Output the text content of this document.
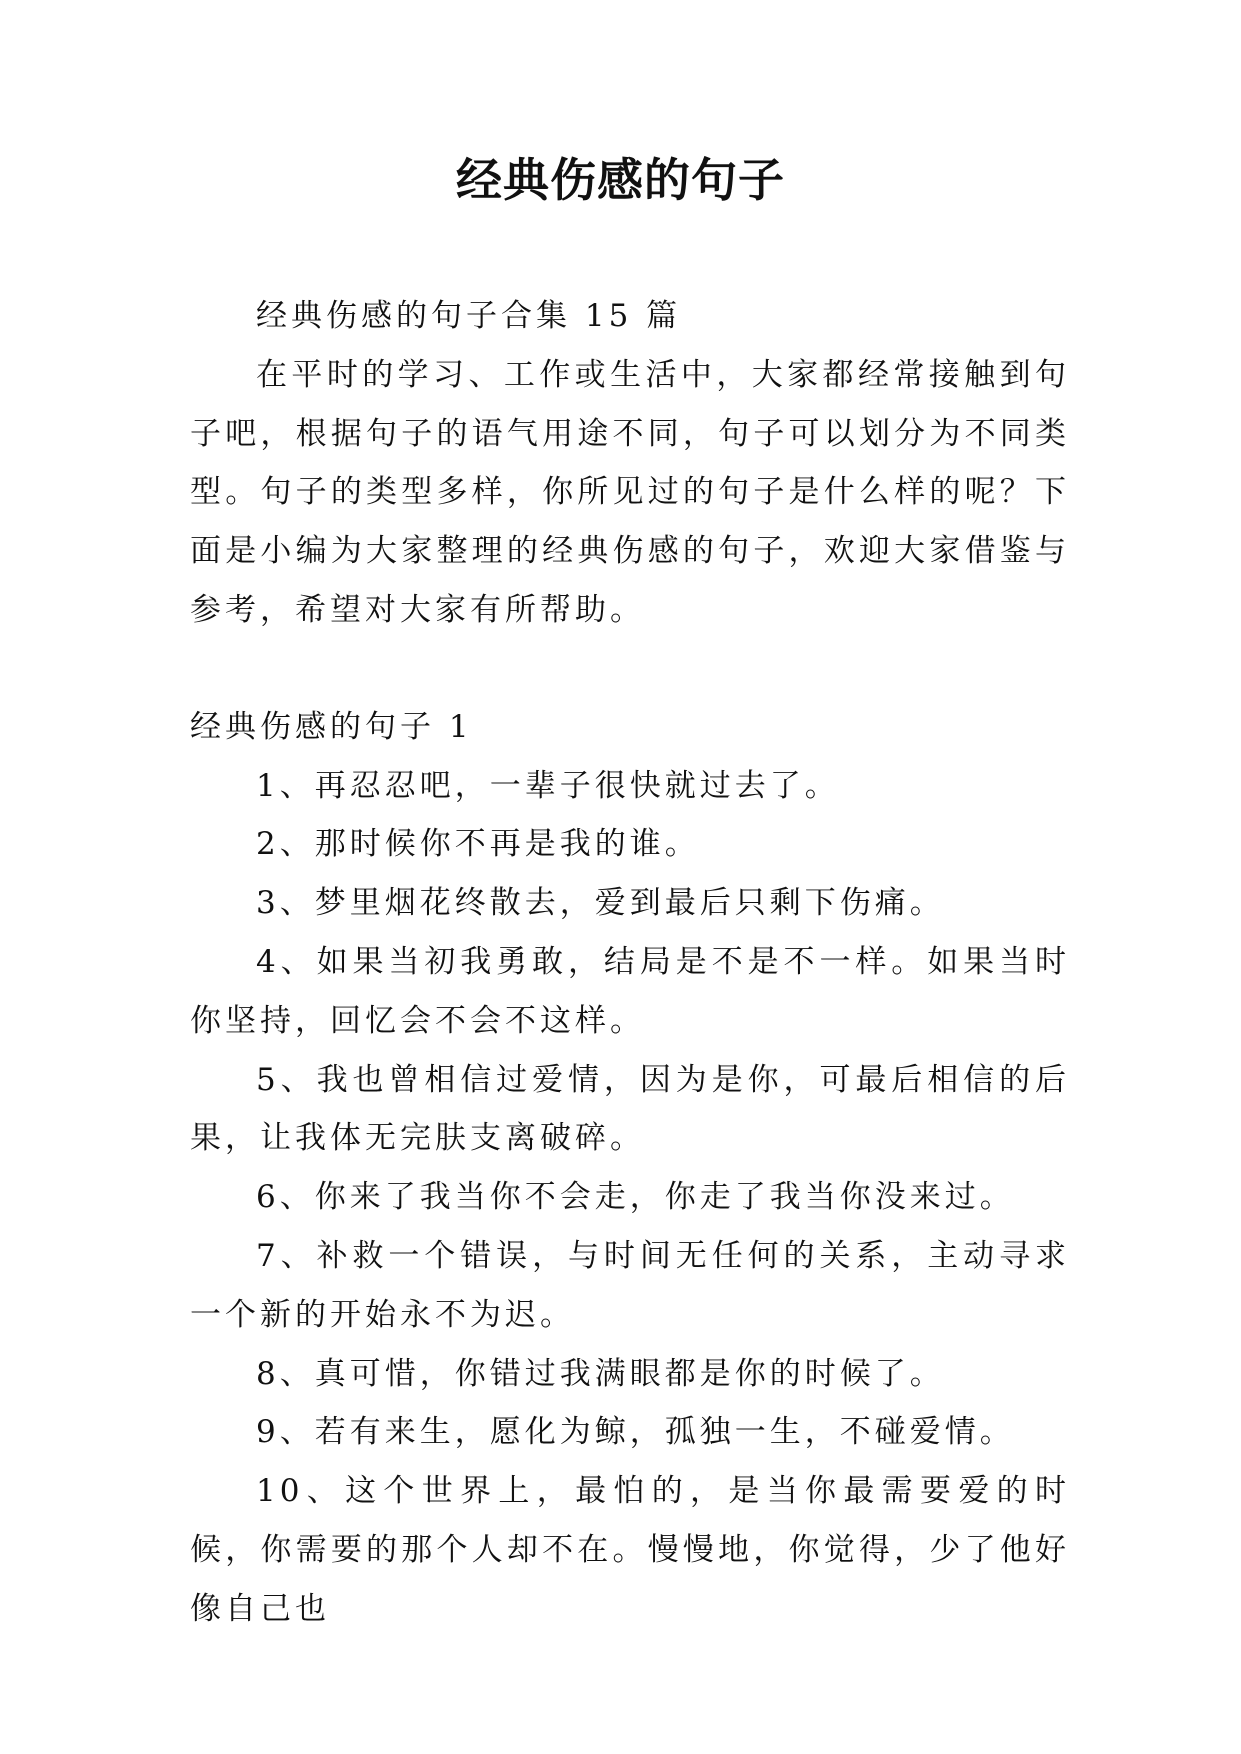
经典伤感的句子

经典伤感的句子合集 15 篇

在平时的学习、工作或生活中，大家都经常接触到句子吧，根据句子的语气用途不同，句子可以划分为不同类型。句子的类型多样，你所见过的句子是什么样的呢？下面是小编为大家整理的经典伤感的句子，欢迎大家借鉴与参考，希望对大家有所帮助。

经典伤感的句子 1

1、再忍忍吧，一辈子很快就过去了。

2、那时候你不再是我的谁。

3、梦里烟花终散去，爱到最后只剩下伤痛。

4、如果当初我勇敢，结局是不是不一样。如果当时你坚持，回忆会不会不这样。

5、我也曾相信过爱情，因为是你，可最后相信的后果，让我体无完肤支离破碎。

6、你来了我当你不会走，你走了我当你没来过。

7、补救一个错误，与时间无任何的关系，主动寻求一个新的开始永不为迟。

8、真可惜，你错过我满眼都是你的时候了。

9、若有来生，愿化为鲸，孤独一生，不碰爱情。

10、这个世界上，最怕的，是当你最需要爱的时候，你需要的那个人却不在。慢慢地，你觉得，少了他好像自己也
